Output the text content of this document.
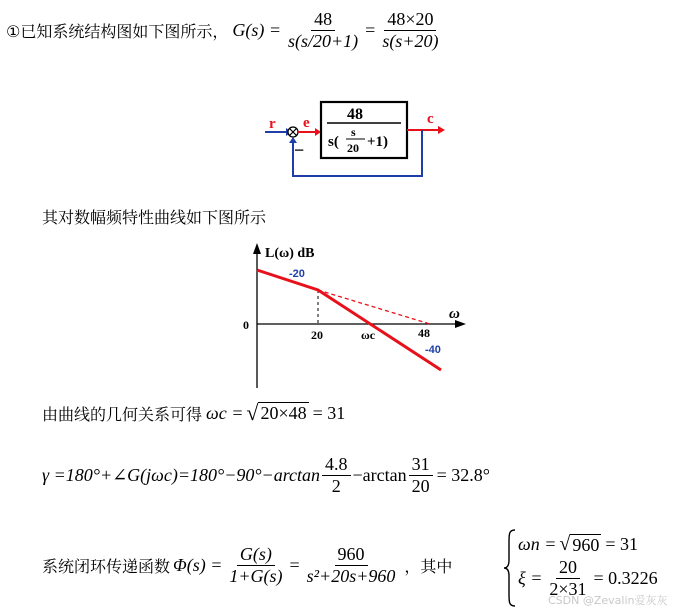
①已知系统结构图如下图所示， $G(s) = \frac{48}{s(s/20+1)} = \frac{48\times 20}{s(s+20)}$
r e	c
−
48
s(
s
20 +1)
其对数幅频特性曲线如下图所示
L(ω) dB
ω
0
20	48
ωc
-20
-40
由曲线的几何关系可得 ωc = √ 20×48 = 31
γ =180°+∠G(jωc)=180°−90°−arctan $\frac{4.8}{2} -\arctan \frac{31}{20} = 32.8^\circ$
系统闭环传递函数 $\Phi(s) = \frac{G(s)}{1+G(s)} = \frac{960}{\text{s²+20s+960}}$ ，其中
ωn = √ 960 = 31
$\xi = \frac{20}{2\times 31} = 0.3226$
CSDN @Zevalin爱灰灰
